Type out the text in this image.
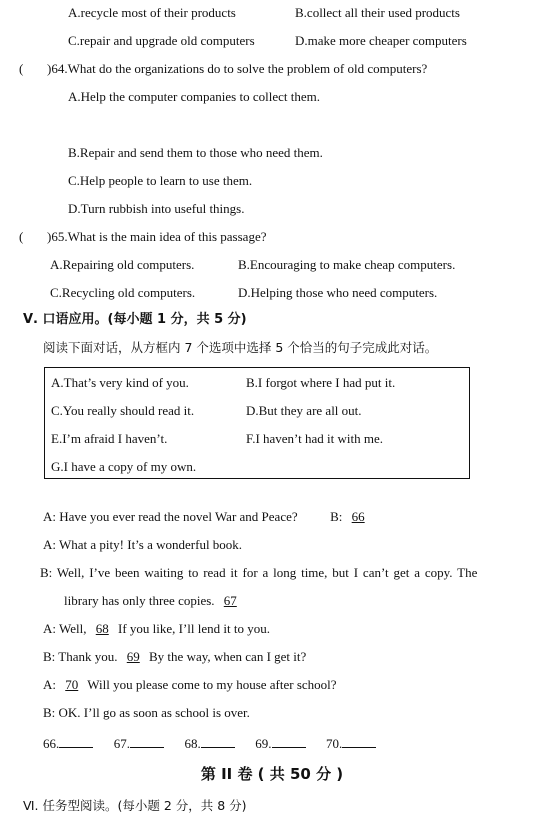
A.recycle most of their products	B.collect all their used products
C.repair and upgrade old computers	D.make more cheaper computers
( )64.What do the organizations do to solve the problem of old computers?
A.Help the computer companies to collect them.
B.Repair and send them to those who need them.
C.Help people to learn to use them.
D.Turn rubbish into useful things.
( )65.What is the main idea of this passage?
A.Repairing old computers.	B.Encouraging to make cheap computers.
C.Recycling old computers.	D.Helping those who need computers.
Ⅴ. 口语应用。(每小题 1 分，共 5 分)
阅读下面对话，从方框内 7 个选项中选择 5 个恰当的句子完成此对话。
A.That’s very kind of you.	B.I forgot where I had put it.
C.You really should read it.	D.But they are all out.
E.I’m afraid I haven’t.	F.I haven’t had it with me.
G.I have a copy of my own.
A: Have you ever read the novel War and Peace?	B: 66
A: What a pity! It’s a wonderful book.
B: Well, I’ve been waiting to read it for a long time, but I can’t get a copy. The
library has only three copies. 67
A: Well, 68 If you like, I’ll lend it to you.
B: Thank you. 69 By the way, when can I get it?
A: 70 Will you please come to my house after school?
B: OK. I’ll go as soon as school is over.
66.	67.	68.	69.	70.
第 II 卷 ( 共 50 分 )
Ⅵ. 任务型阅读。(每小题 2 分，共 8 分)
